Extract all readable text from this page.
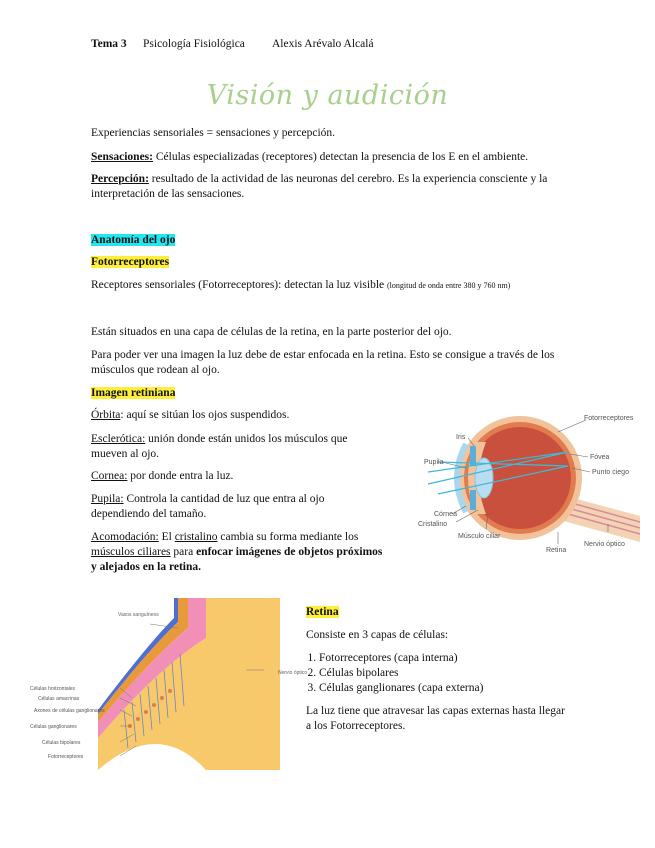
Tema 3 Psicología Fisiológica Alexis Arévalo Alcalá
Visión y audición
Experiencias sensoriales = sensaciones y percepción.
Sensaciones: Células especializadas (receptores) detectan la presencia de los E en el ambiente.
Percepción: resultado de la actividad de las neuronas del cerebro. Es la experiencia consciente y la interpretación de las sensaciones.
Anatomía del ojo
Fotorreceptores
Receptores sensoriales (Fotorreceptores): detectan la luz visible (longitud de onda entre 380 y 760 nm)
Están situados en una capa de células de la retina, en la parte posterior del ojo.
Para poder ver una imagen la luz debe de estar enfocada en la retina. Esto se consigue a través de los músculos que rodean al ojo.
Imagen retiniana
Órbita: aquí se sitúan los ojos suspendidos.
Esclerótica: unión donde están unidos los músculos que mueven al ojo.
Cornea: por donde entra la luz.
Pupila: Controla la cantidad de luz que entra al ojo dependiendo del tamaño.
Acomodación: El cristalino cambia su forma mediante los músculos ciliares para enfocar imágenes de objetos próximos y alejados en la retina.
Iris
Pupila
Córnea
Cristalino
Músculo ciliar
Retina
Fotorreceptores
Fóvea
Punto ciego
Nervio óptico
Vasos sanguíneos
Nervio óptico
Células horizontales
Células amacrinas
Axones de células ganglionares
Células ganglionares
Células bipolares
Fotorreceptores
Retina
Consiste en 3 capas de células:
1. Fotorreceptores (capa interna)
2. Células bipolares
3. Células ganglionares (capa externa)
La luz tiene que atravesar las capas externas hasta llegar a los Fotorreceptores.
